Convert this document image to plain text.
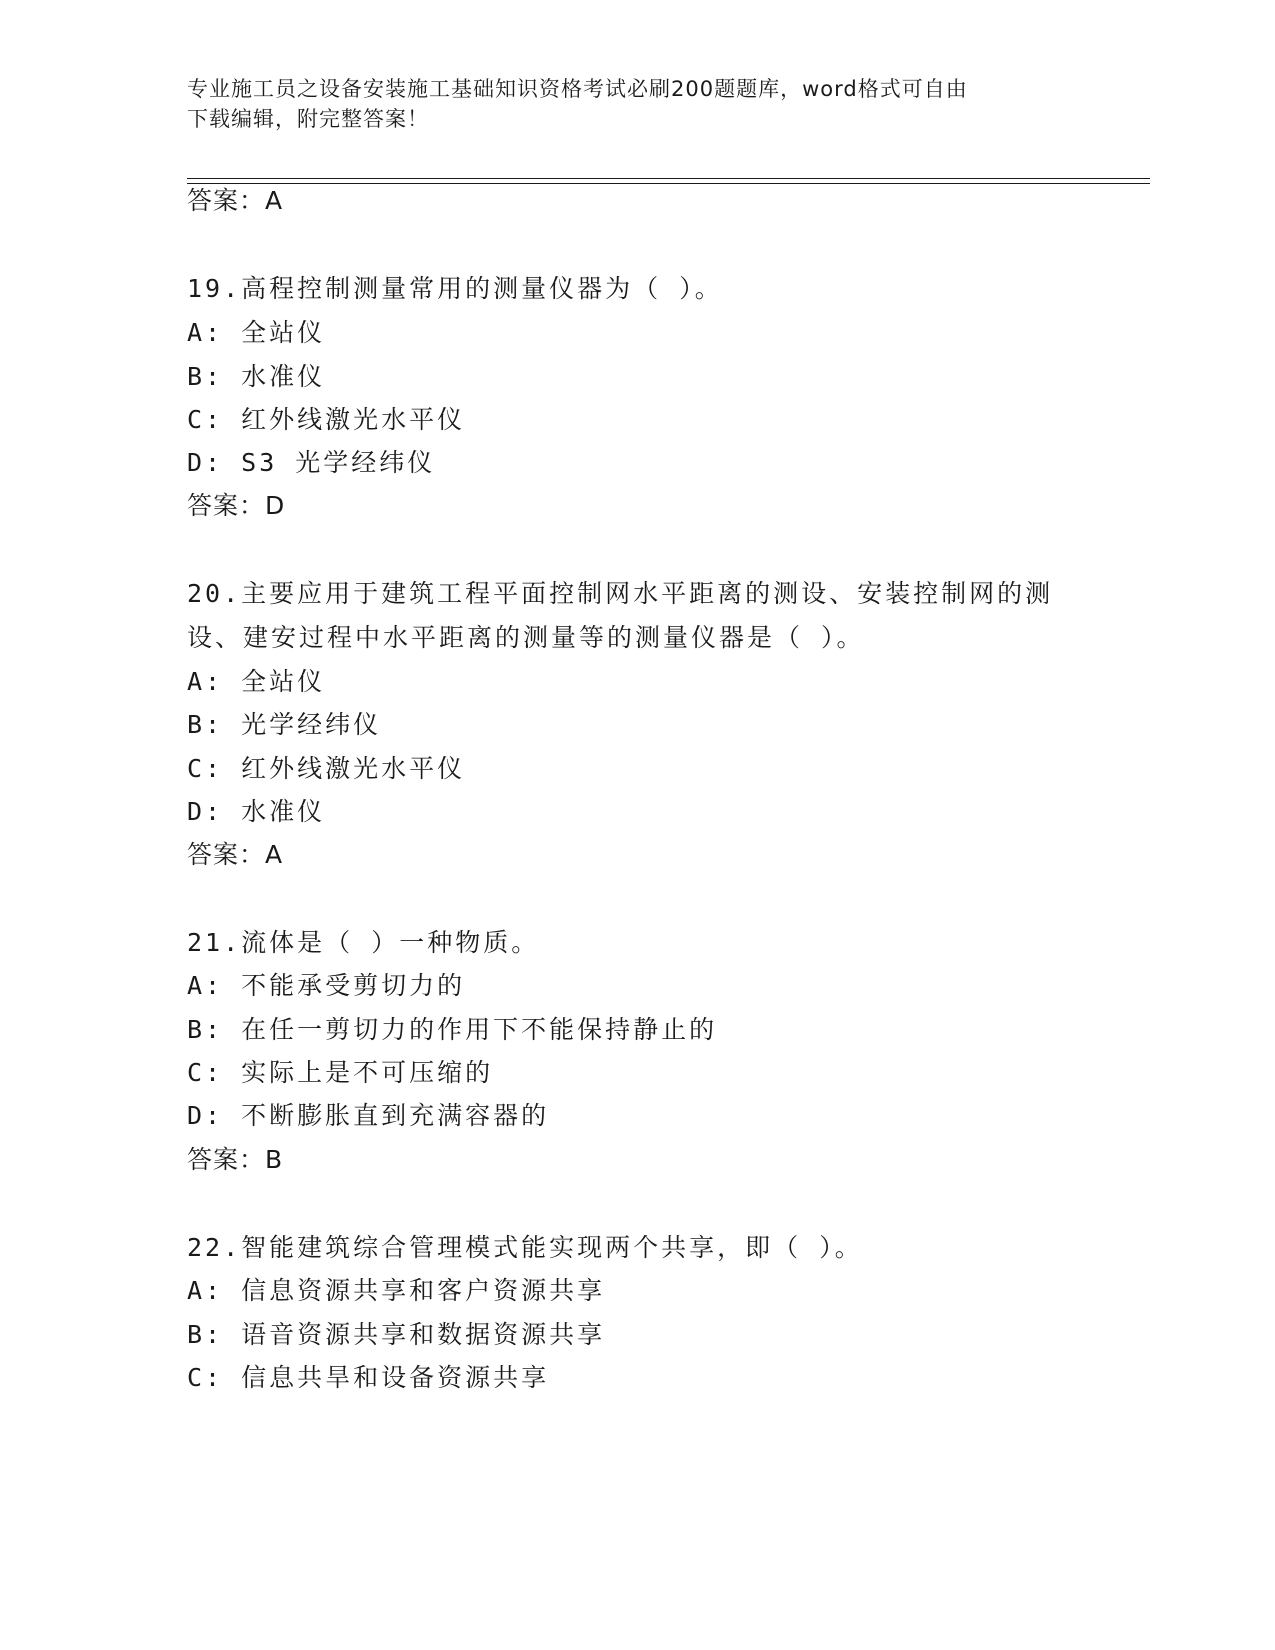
专业施工员之设备安装施工基础知识资格考试必刷200题题库，word格式可自由
下载编辑，附完整答案！
答案：A
19.高程控制测量常用的测量仪器为（ ）。
A: 全站仪
B: 水准仪
C: 红外线激光水平仪
D: S3 光学经纬仪
答案：D
20.主要应用于建筑工程平面控制网水平距离的测设、安装控制网的测
设、建安过程中水平距离的测量等的测量仪器是（ ）。
A: 全站仪
B: 光学经纬仪
C: 红外线激光水平仪
D: 水准仪
答案：A
21.流体是（ ）一种物质。
A: 不能承受剪切力的
B: 在任一剪切力的作用下不能保持静止的
C: 实际上是不可压缩的
D: 不断膨胀直到充满容器的
答案：B
22.智能建筑综合管理模式能实现两个共享，即（ ）。
A: 信息资源共享和客户资源共享
B: 语音资源共享和数据资源共享
C: 信息共旱和设备资源共享
